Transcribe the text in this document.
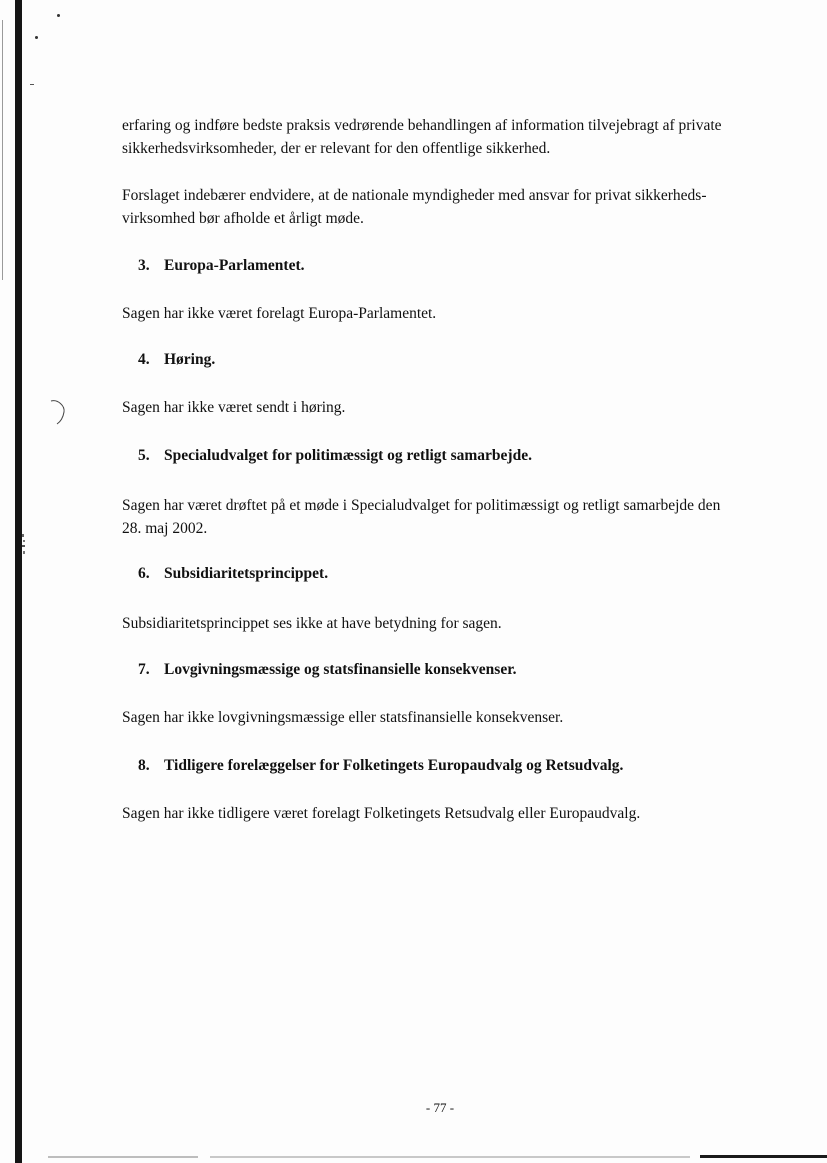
erfaring og indføre bedste praksis vedrørende behandlingen af information tilvejebragt af private
sikkerhedsvirksomheder, der er relevant for den offentlige sikkerhed.

Forslaget indebærer endvidere, at de nationale myndigheder med ansvar for privat sikkerheds-
virksomhed bør afholde et årligt møde.

3. Europa-Parlamentet.

Sagen har ikke været forelagt Europa-Parlamentet.

4. Høring.

Sagen har ikke været sendt i høring.

5. Specialudvalget for politimæssigt og retligt samarbejde.

Sagen har været drøftet på et møde i Specialudvalget for politimæssigt og retligt samarbejde den
28. maj 2002.

6. Subsidiaritetsprincippet.

Subsidiaritetsprincippet ses ikke at have betydning for sagen.

7. Lovgivningsmæssige og statsfinansielle konsekvenser.

Sagen har ikke lovgivningsmæssige eller statsfinansielle konsekvenser.

8. Tidligere forelæggelser for Folketingets Europaudvalg og Retsudvalg.

Sagen har ikke tidligere været forelagt Folketingets Retsudvalg eller Europaudvalg.

- 77 -
